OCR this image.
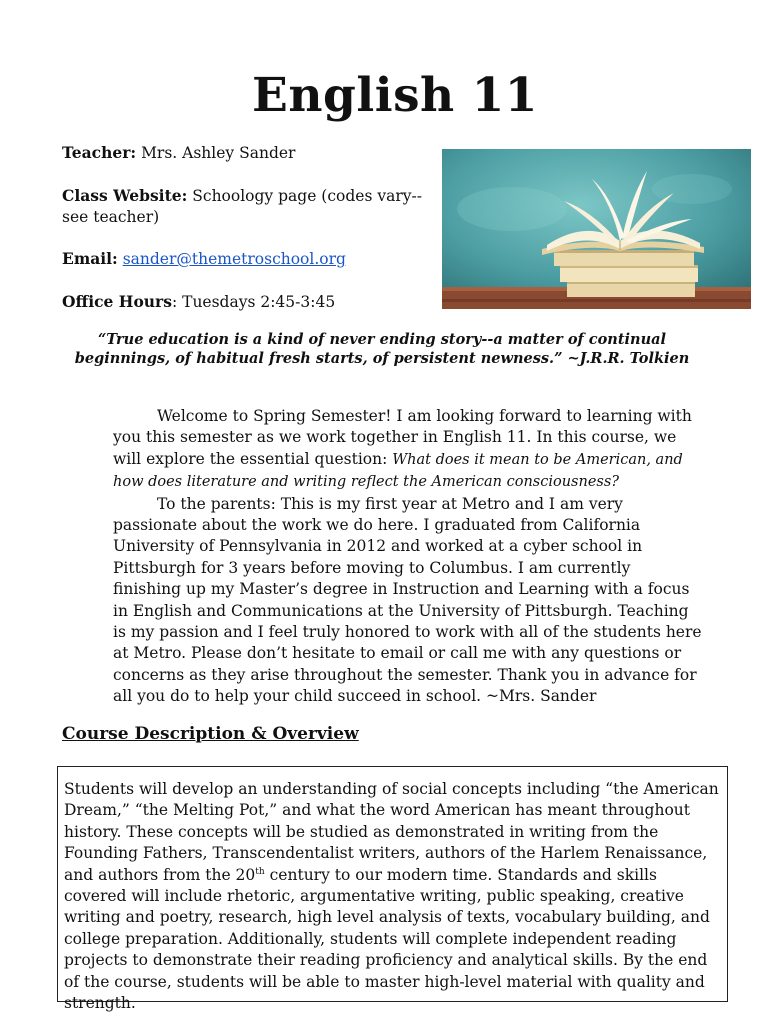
English 11
Teacher: Mrs. Ashley Sander
Class Website: Schoology page (codes vary--see teacher)
Email: sander@themetroschool.org
Office Hours: Tuesdays 2:45-3:45
“True education is a kind of never ending story--a matter of continual beginnings, of habitual fresh starts, of persistent newness.” ~J.R.R. Tolkien

Welcome to Spring Semester! I am looking forward to learning with you this semester as we work together in English 11. In this course, we will explore the essential question: What does it mean to be American, and how does literature and writing reflect the American consciousness?

To the parents: This is my first year at Metro and I am very passionate about the work we do here. I graduated from California University of Pennsylvania in 2012 and worked at a cyber school in Pittsburgh for 3 years before moving to Columbus. I am currently finishing up my Master’s degree in Instruction and Learning with a focus in English and Communications at the University of Pittsburgh. Teaching is my passion and I feel truly honored to work with all of the students here at Metro. Please don’t hesitate to email or call me with any questions or concerns as they arise throughout the semester. Thank you in advance for all you do to help your child succeed in school. ~Mrs. Sander

Course Description & Overview
Students will develop an understanding of social concepts including “the American Dream,” “the Melting Pot,” and what the word American has meant throughout history. These concepts will be studied as demonstrated in writing from the Founding Fathers, Transcendentalist writers, authors of the Harlem Renaissance, and authors from the 20th century to our modern time. Standards and skills covered will include rhetoric, argumentative writing, public speaking, creative writing and poetry, research, high level analysis of texts, vocabulary building, and college preparation. Additionally, students will complete independent reading projects to demonstrate their reading proficiency and analytical skills. By the end of the course, students will be able to master high-level material with quality and strength.
